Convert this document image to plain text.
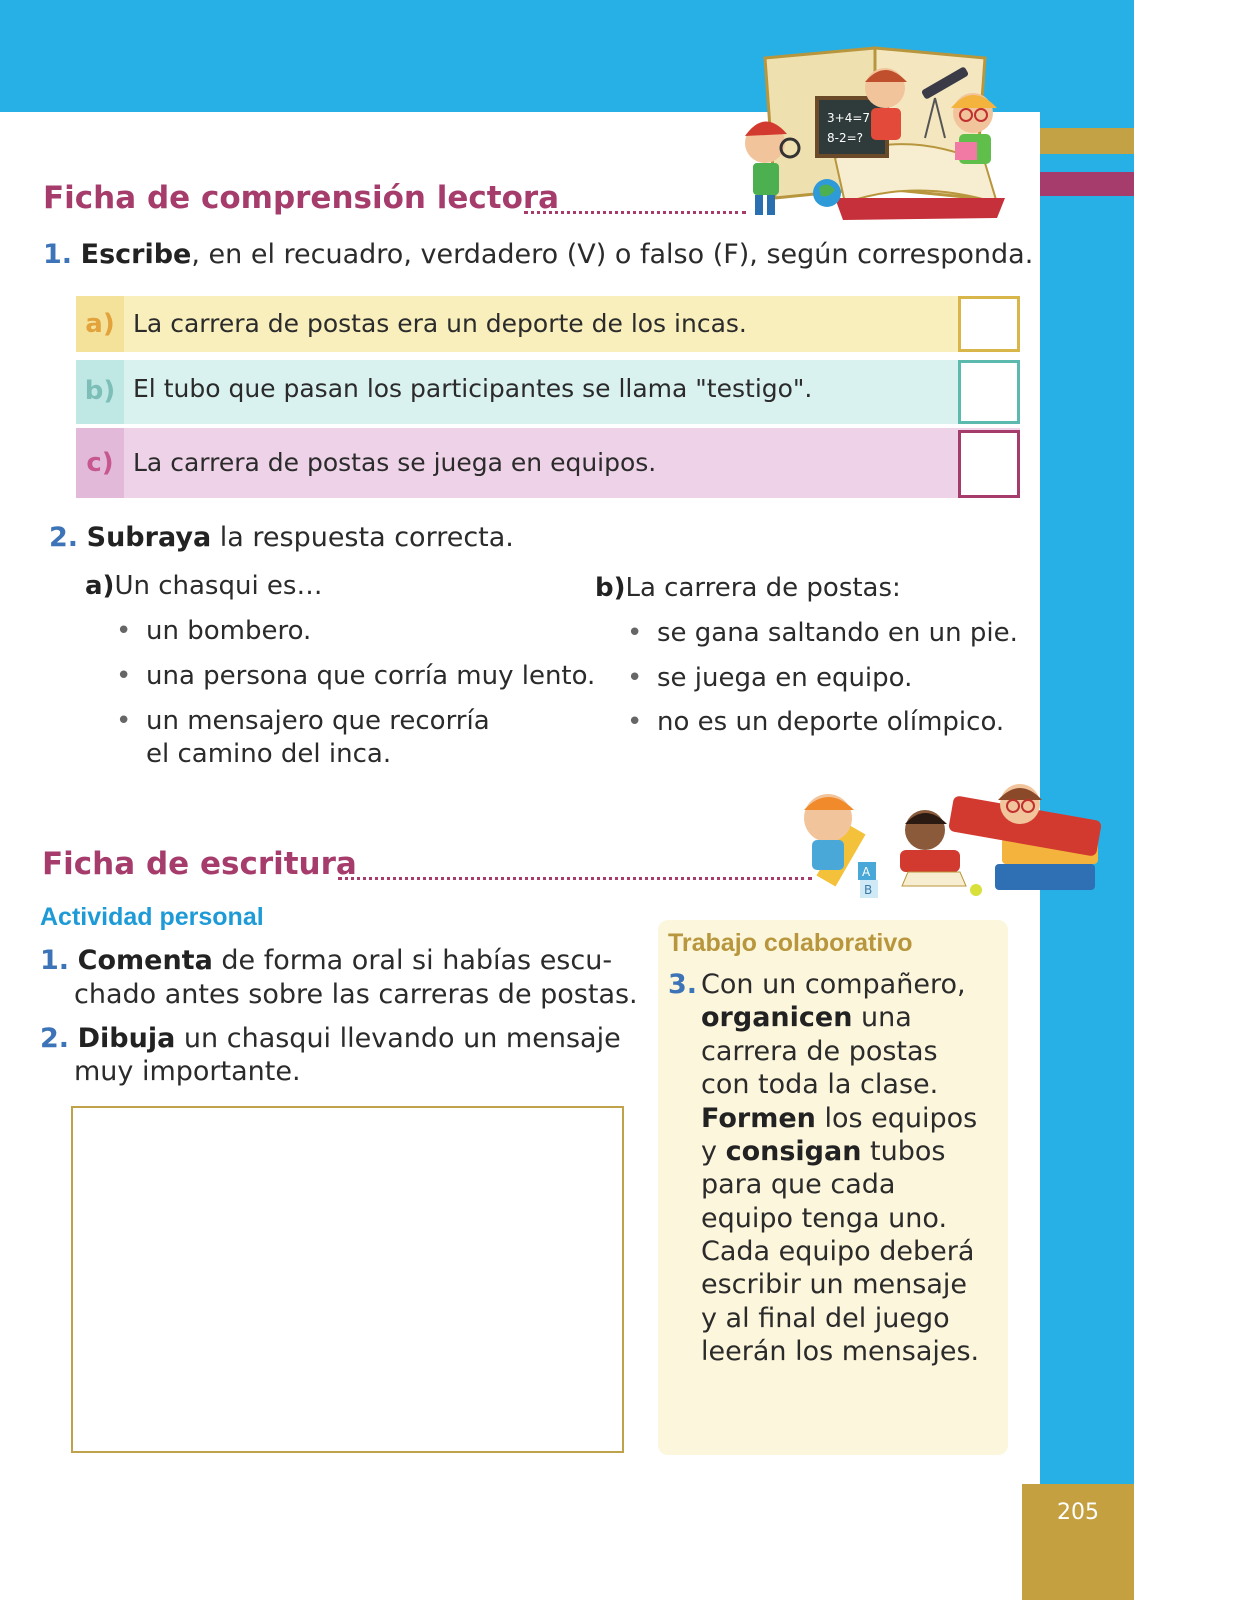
205
3+4=7
8-2=?
Ficha de comprensión lectora
1. Escribe, en el recuadro, verdadero (V) o falso (F), según corresponda.
a) La carrera de postas era un deporte de los incas.
b) El tubo que pasan los participantes se llama "testigo".
c) La carrera de postas se juega en equipos.
2. Subraya la respuesta correcta.
a)Un chasqui es…
• un bombero.
• una persona que corría muy lento.
• un mensajero que recorría
el camino del inca.
b)La carrera de postas:
• se gana saltando en un pie.
• se juega en equipo.
• no es un deporte olímpico.
A
B
Ficha de escritura
Actividad personal
1. Comenta de forma oral si habías escu-
chado antes sobre las carreras de postas.
2. Dibuja un chasqui llevando un mensaje
muy importante.
Trabajo colaborativo
3. Con un compañero,
organicen una
carrera de postas
con toda la clase.
Formen los equipos
y consigan tubos
para que cada
equipo tenga uno.
Cada equipo deberá
escribir un mensaje
y al final del juego
leerán los mensajes.
